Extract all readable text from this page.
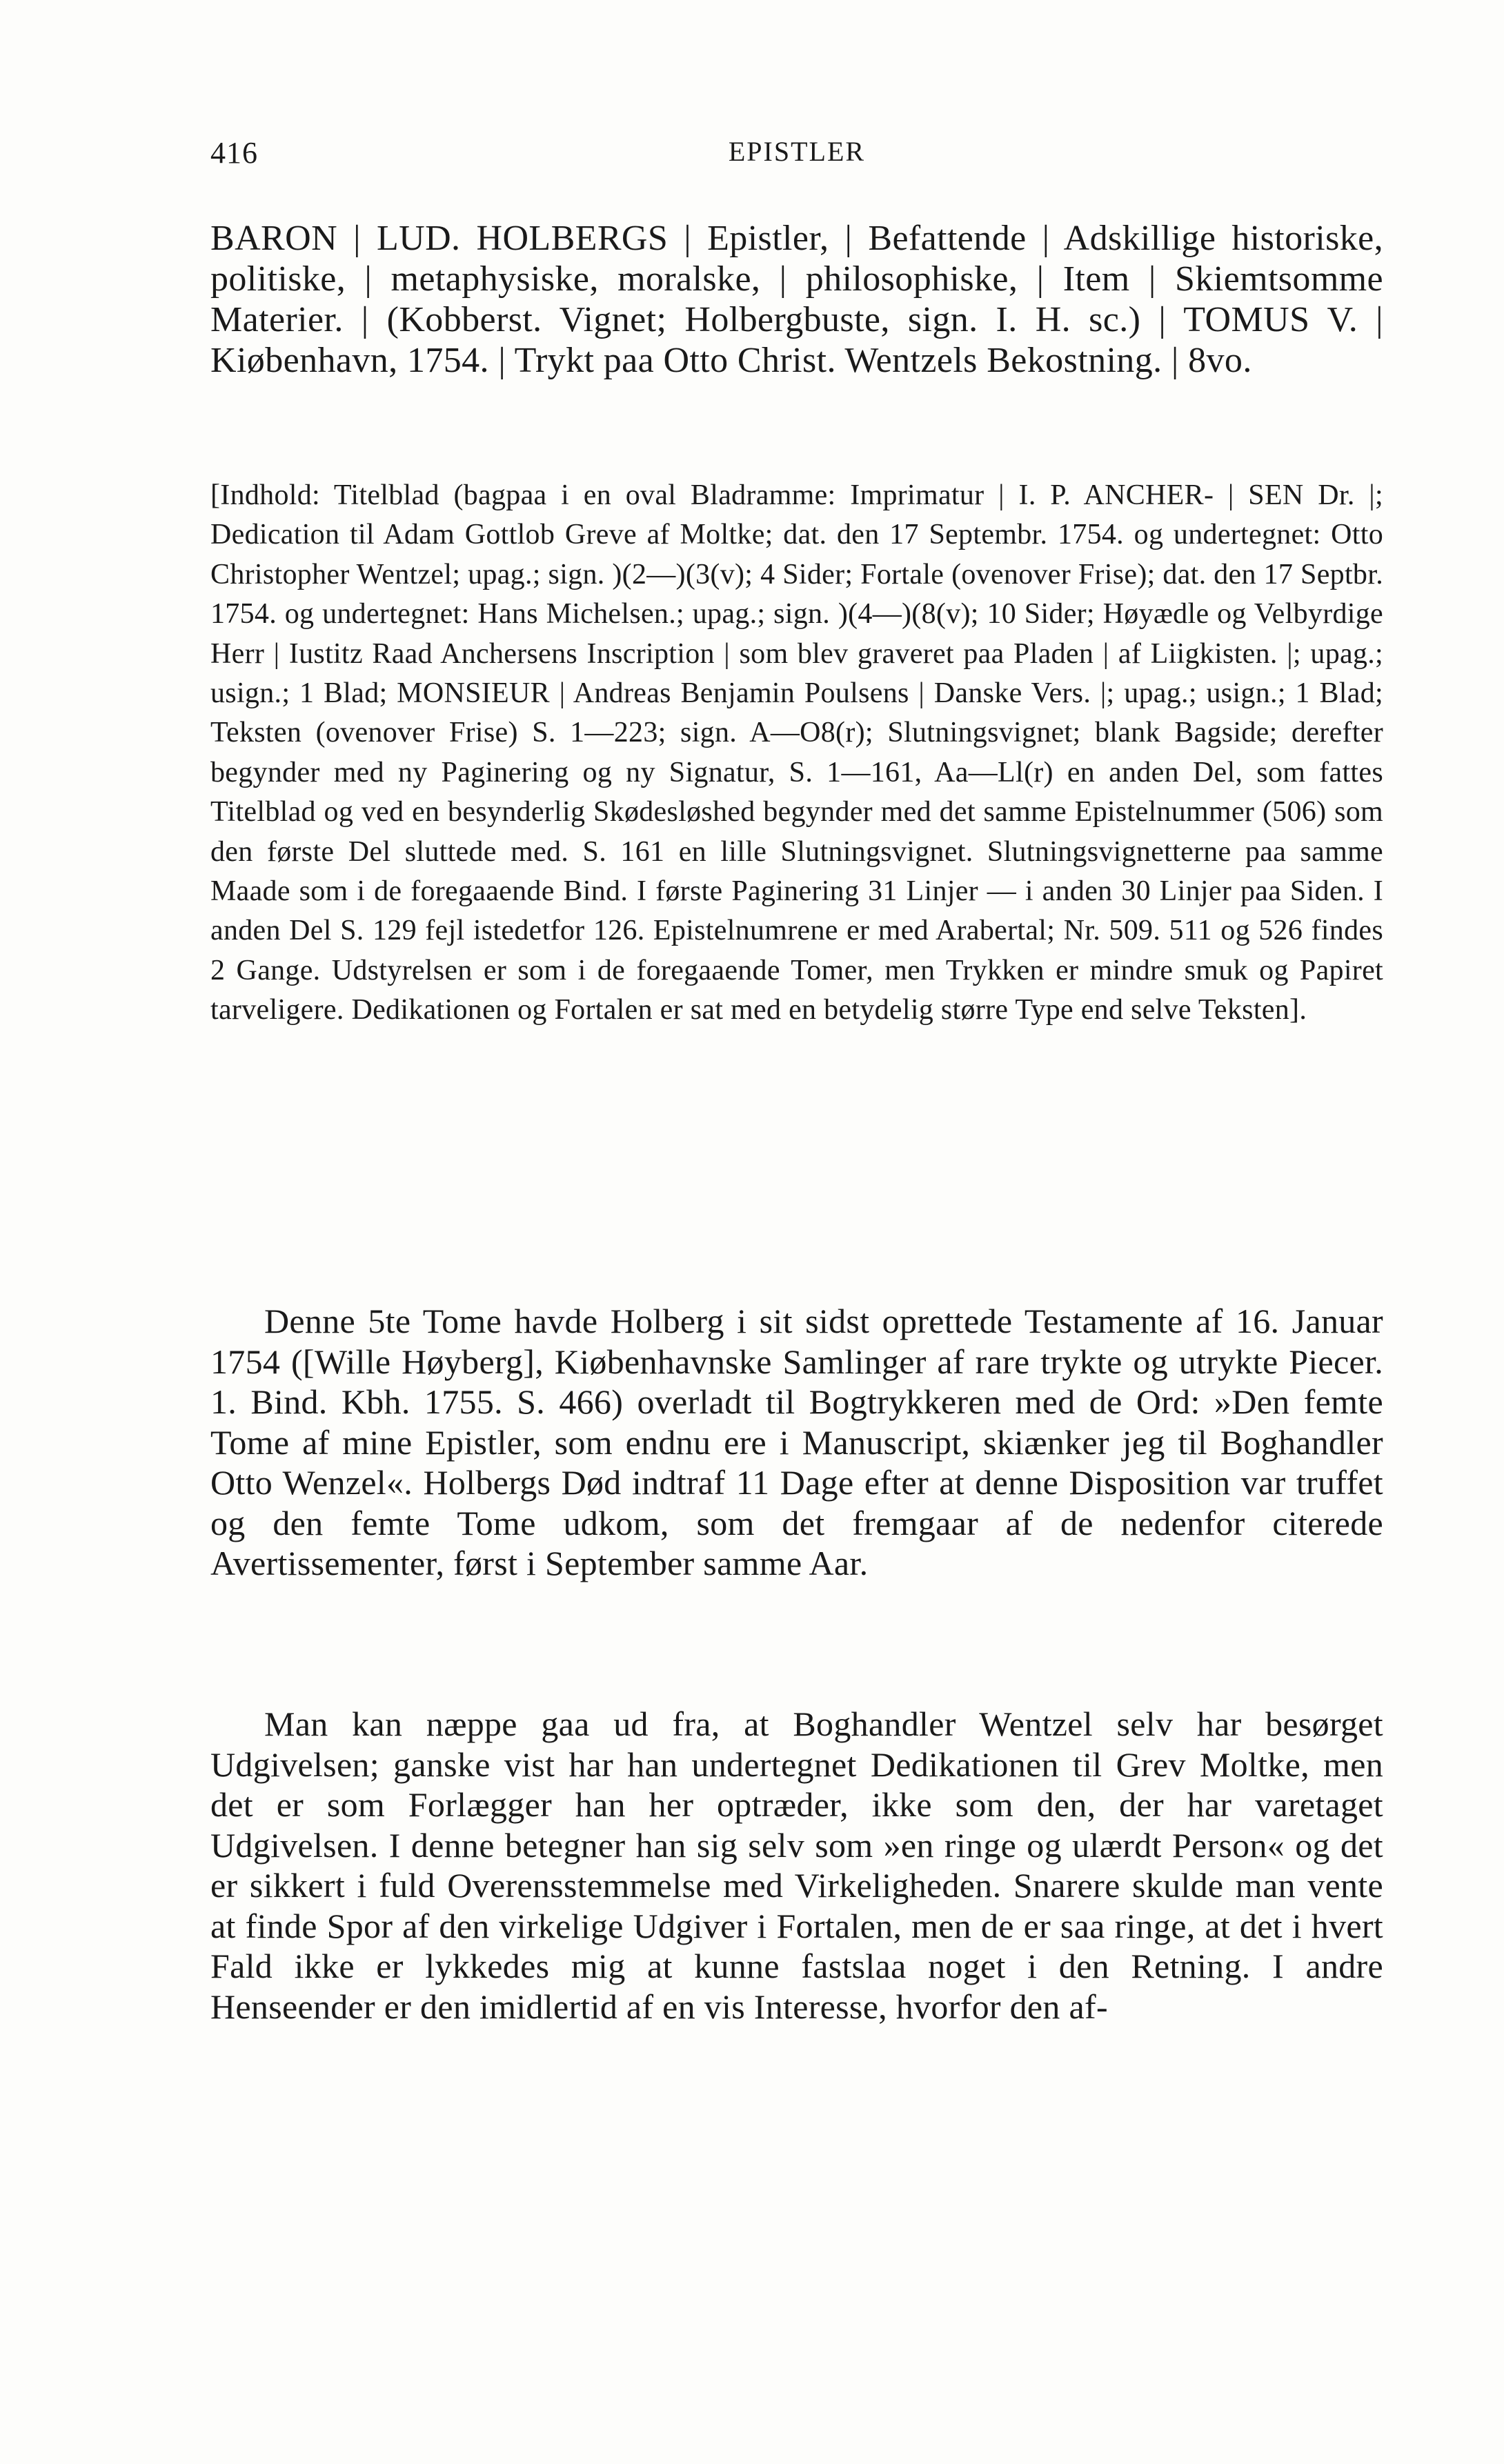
416	EPISTLER
BARON | LUD. HOLBERGS | Epistler, | Befattende | Adskillige historiske, politiske, | metaphysiske, moralske, | philosophiske, | Item | Skiemtsomme Materier. | (Kobberst. Vignet; Holbergbuste, sign. I. H. sc.) | TOMUS V. | Kiøbenhavn, 1754. | Trykt paa Otto Christ. Wentzels Bekostning. | 8vo.
[Indhold: Titelblad (bagpaa i en oval Bladramme: Imprimatur | I. P. ANCHER- | SEN Dr. |; Dedication til Adam Gottlob Greve af Moltke; dat. den 17 Septembr. 1754. og undertegnet: Otto Christopher Wentzel; upag.; sign. )(2—)(3(v); 4 Sider; Fortale (ovenover Frise); dat. den 17 Septbr. 1754. og undertegnet: Hans Michelsen.; upag.; sign. )(4—)(8(v); 10 Sider; Høyædle og Velbyrdige Herr | Iustitz Raad Anchersens Inscription | som blev graveret paa Pladen | af Liigkisten. |; upag.; usign.; 1 Blad; MONSIEUR | Andreas Benjamin Poulsens | Danske Vers. |; upag.; usign.; 1 Blad; Teksten (ovenover Frise) S. 1—223; sign. A—O8(r); Slutningsvignet; blank Bagside; derefter begynder med ny Paginering og ny Signatur, S. 1—161, Aa—Ll(r) en anden Del, som fattes Titelblad og ved en besynderlig Skødesløshed begynder med det samme Epistelnummer (506) som den første Del sluttede med. S. 161 en lille Slutningsvignet. Slutningsvignetterne paa samme Maade som i de foregaaende Bind. I første Paginering 31 Linjer — i anden 30 Linjer paa Siden. I anden Del S. 129 fejl istedetfor 126. Epistelnumrene er med Arabertal; Nr. 509. 511 og 526 findes 2 Gange. Udstyrelsen er som i de foregaaende Tomer, men Trykken er mindre smuk og Papiret tarveligere. Dedikationen og Fortalen er sat med en betydelig større Type end selve Teksten].

Denne 5te Tome havde Holberg i sit sidst oprettede Testamente af 16. Januar 1754 ([Wille Høyberg], Kiøbenhavnske Samlinger af rare trykte og utrykte Piecer. 1. Bind. Kbh. 1755. S. 466) overladt til Bogtrykkeren med de Ord: »Den femte Tome af mine Epistler, som endnu ere i Manuscript, skiænker jeg til Boghandler Otto Wenzel«. Holbergs Død indtraf 11 Dage efter at denne Disposition var truffet og den femte Tome udkom, som det fremgaar af de nedenfor citerede Avertissementer, først i September samme Aar.

Man kan næppe gaa ud fra, at Boghandler Wentzel selv har besørget Udgivelsen; ganske vist har han undertegnet Dedikationen til Grev Moltke, men det er som Forlægger han her optræder, ikke som den, der har varetaget Udgivelsen. I denne betegner han sig selv som »en ringe og ulærdt Person« og det er sikkert i fuld Overensstemmelse med Virkeligheden. Snarere skulde man vente at finde Spor af den virkelige Udgiver i Fortalen, men de er saa ringe, at det i hvert Fald ikke er lykkedes mig at kunne fastslaa noget i den Retning. I andre Henseender er den imidlertid af en vis Interesse, hvorfor den af-
